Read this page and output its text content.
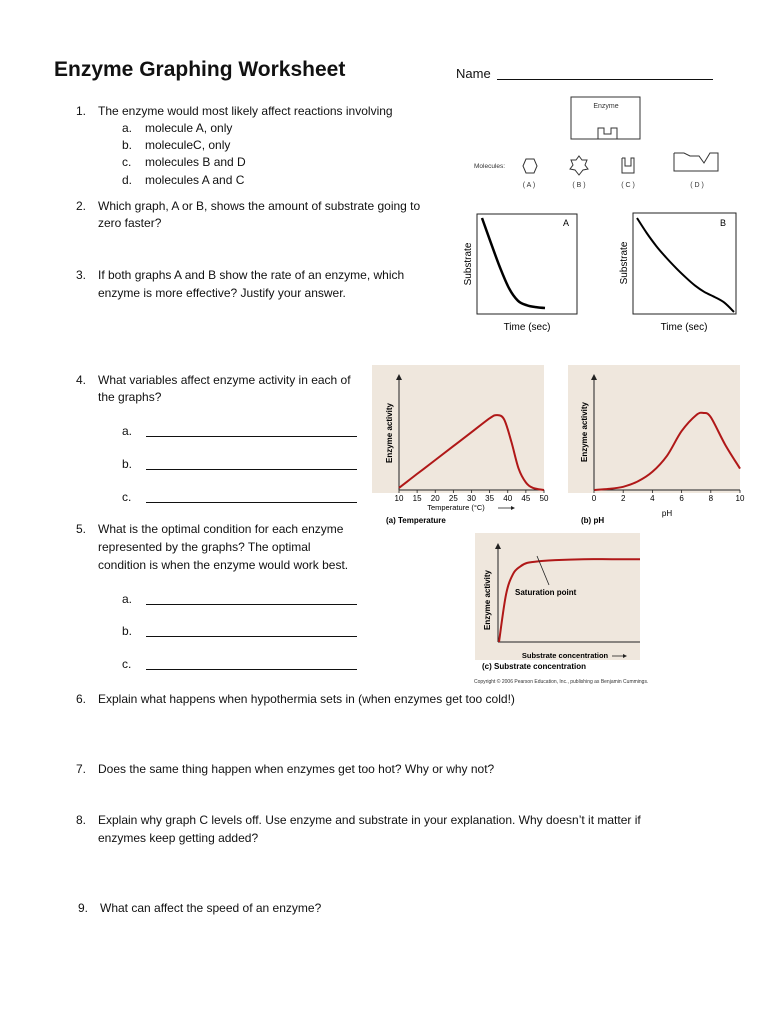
Enzyme Graphing Worksheet	Name
1. The enzyme would most likely affect reactions involving
a. molecule A, only
b. moleculeC, only
c. molecules B and D
d. molecules A and C
2. Which graph, A or B, shows the amount of substrate going to
zero faster?
3. If both graphs A and B show the rate of an enzyme, which
enzyme is more effective? Justify your answer.
4. What variables affect enzyme activity in each of
the graphs?
a.
b.
c.
5. What is the optimal condition for each enzyme
represented by the graphs? The optimal
condition is when the enzyme would work best.
a.
b.
c.
6. Explain what happens when hypothermia sets in (when enzymes get too cold!)
7. Does the same thing happen when enzymes get too hot? Why or why not?
8. Explain why graph C levels off. Use enzyme and substrate in your explanation. Why doesn’t it matter if
enzymes keep getting added?
9. What can affect the speed of an enzyme?
Enzyme
Molecules:
( A )	( B )	( C )	( D )
A
Time (sec)
Substrate
B
Time (sec)
Substrate
10 15 20 25 30 35 40 45 50
Enzyme activity
Temperature (°C)
(a) Temperature
0	2	4	6	8	10
Enzyme activity
pH
(b) pH
Saturation point
Enzyme activity
Substrate concentration
(c) Substrate concentration
Copyright © 2006 Pearson Education, Inc., publishing as Benjamin Cummings.
